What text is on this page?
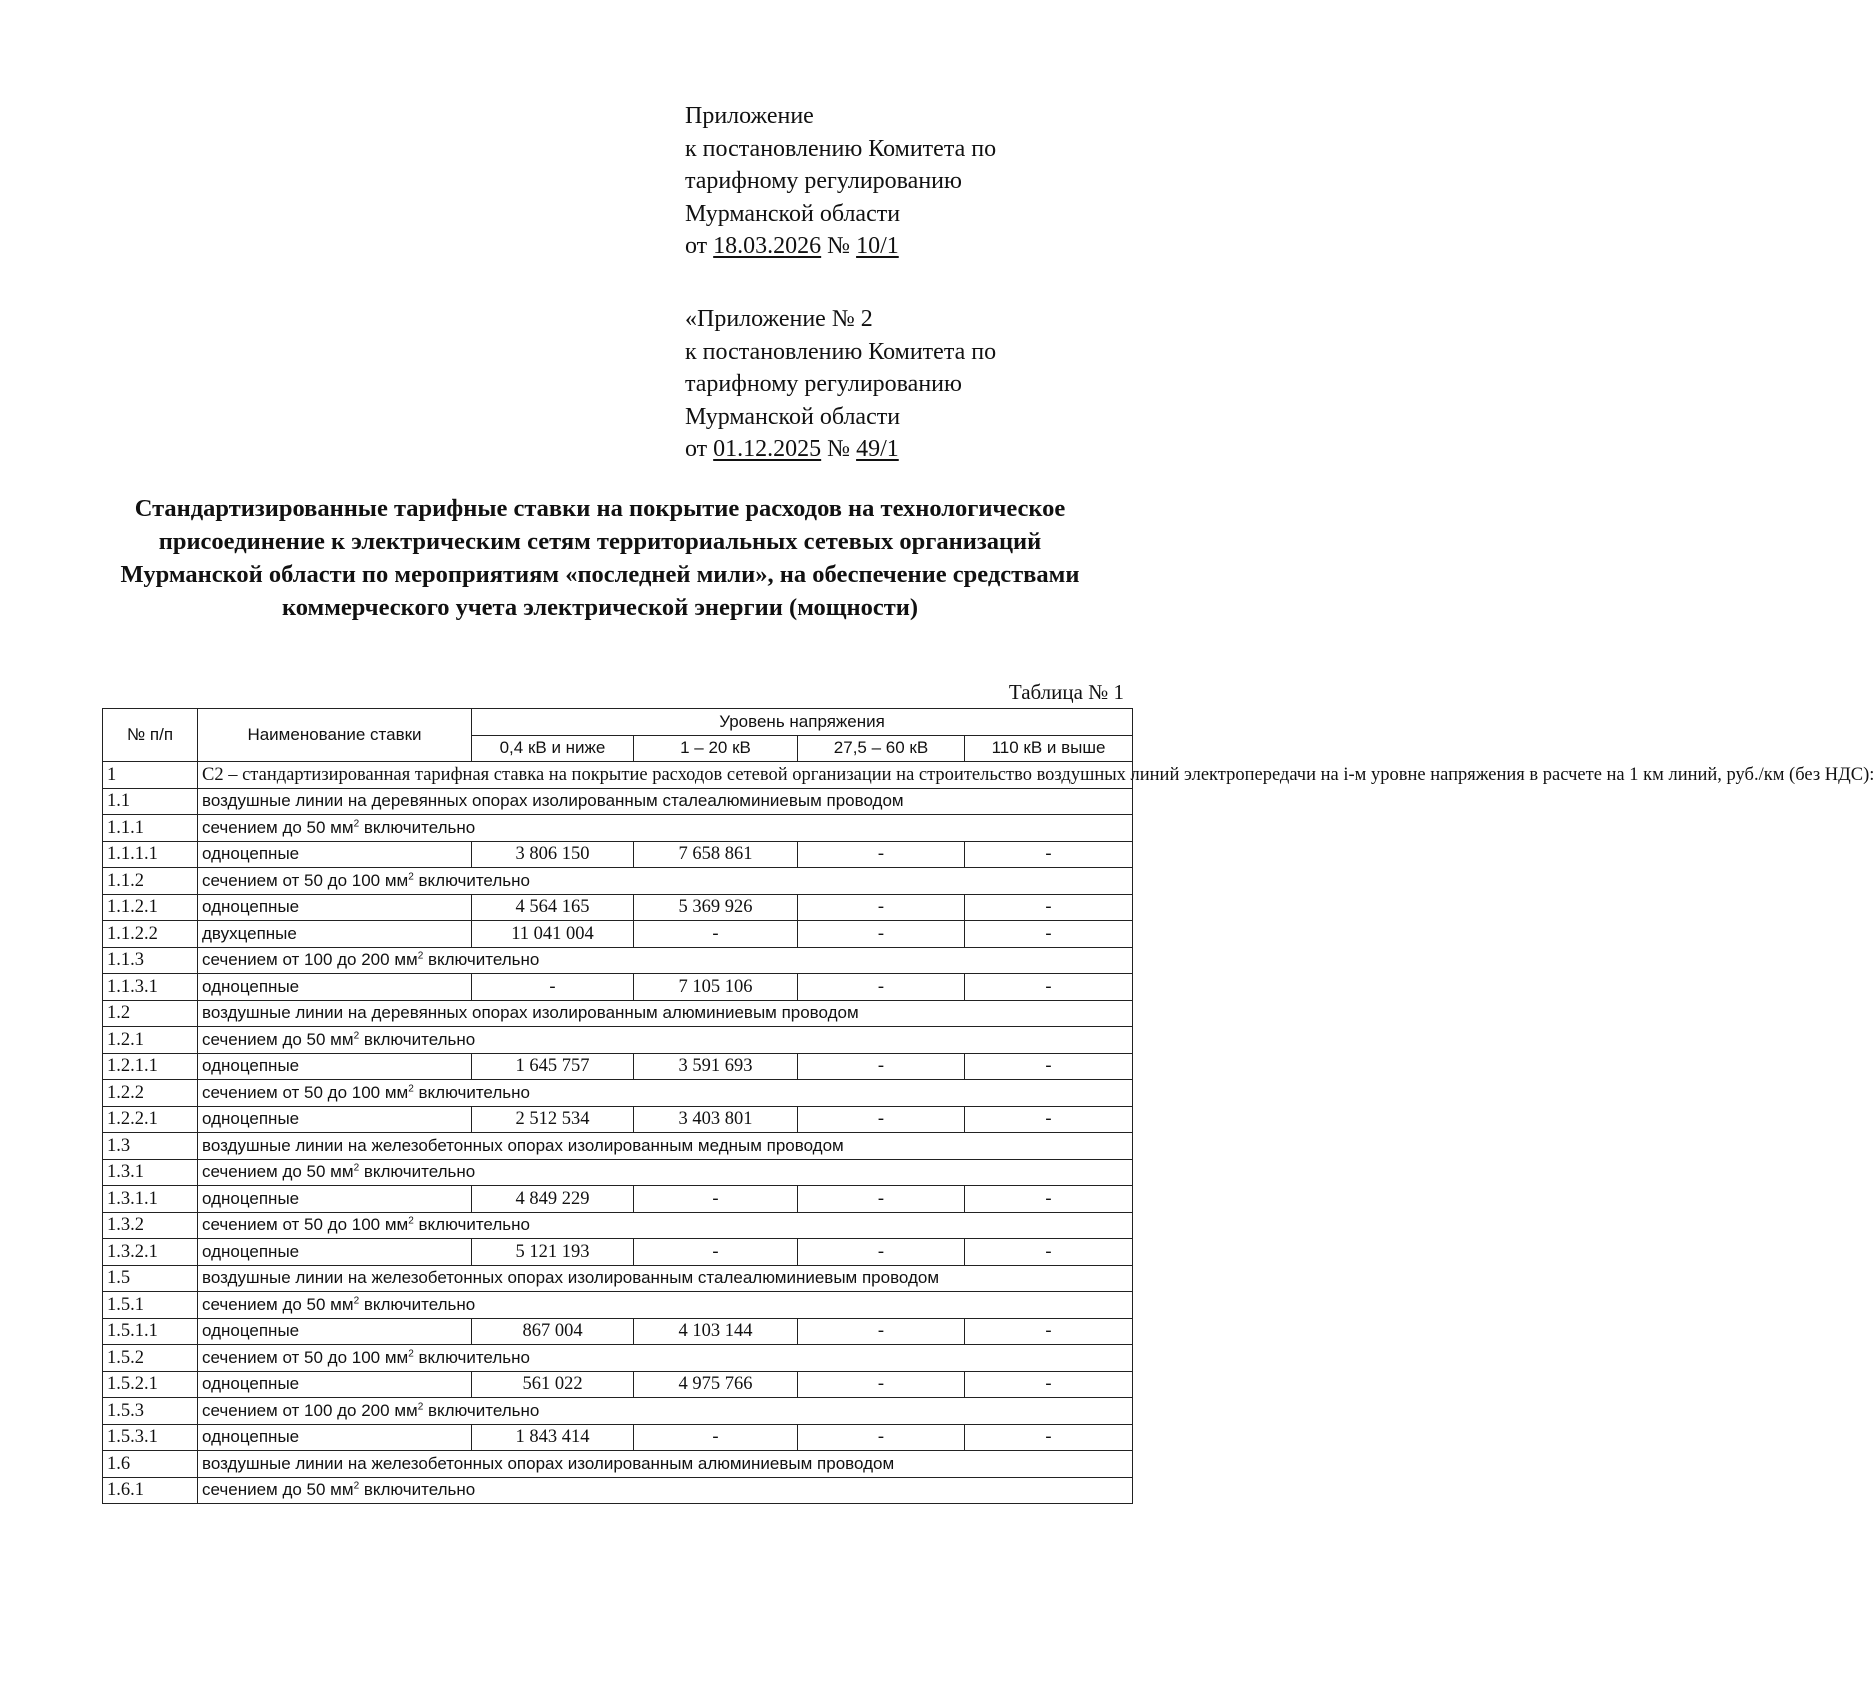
Приложение
к постановлению Комитета по
тарифному регулированию
Мурманской области
от 18.03.2026 № 10/1
«Приложение № 2
к постановлению Комитета по
тарифному регулированию
Мурманской области
от 01.12.2025 № 49/1
Стандартизированные тарифные ставки на покрытие расходов на технологическое присоединение к электрическим сетям территориальных сетевых организаций Мурманской области по мероприятиям «последней мили», на обеспечение средствами коммерческого учета электрической энергии (мощности)
Таблица № 1
№ п/п	Наименование ставки	Уровень напряжения			
		0,4 кВ и ниже	1 – 20 кВ	27,5 – 60 кВ	110 кВ и выше
1	С2 – стандартизированная тарифная ставка на покрытие расходов сетевой организации на строительство воздушных линий электропередачи на i-м уровне напряжения в расчете на 1 км линий, руб./км (без НДС):				
1.1	воздушные линии на деревянных опорах изолированным сталеалюминиевым проводом				
1.1.1	сечением до 50 $мм^2$ включительно				
1.1.1.1	одноцепные	3 806 150	7 658 861	-	-
1.1.2	сечением от 50 до 100 $мм^2$ включительно				
1.1.2.1	одноцепные	4 564 165	5 369 926	-	-
1.1.2.2	двухцепные	11 041 004	-	-	-
1.1.3	сечением от 100 до 200 $мм^2$ включительно				
1.1.3.1	одноцепные	-	7 105 106	-	-
1.2	воздушные линии на деревянных опорах изолированным алюминиевым проводом				
1.2.1	сечением до 50 $мм^2$ включительно				
1.2.1.1	одноцепные	1 645 757	3 591 693	-	-
1.2.2	сечением от 50 до 100 $мм^2$ включительно				
1.2.2.1	одноцепные	2 512 534	3 403 801	-	-
1.3	воздушные линии на железобетонных опорах изолированным медным проводом				
1.3.1	сечением до 50 $мм^2$ включительно				
1.3.1.1	одноцепные	4 849 229	-	-	-
1.3.2	сечением от 50 до 100 $мм^2$ включительно				
1.3.2.1	одноцепные	5 121 193	-	-	-
1.5	воздушные линии на железобетонных опорах изолированным сталеалюминиевым проводом				
1.5.1	сечением до 50 $мм^2$ включительно				
1.5.1.1	одноцепные	867 004	4 103 144	-	-
1.5.2	сечением от 50 до 100 $мм^2$ включительно				
1.5.2.1	одноцепные	561 022	4 975 766	-	-
1.5.3	сечением от 100 до 200 $мм^2$ включительно				
1.5.3.1	одноцепные	1 843 414	-	-	-
1.6	воздушные линии на железобетонных опорах изолированным алюминиевым проводом				
1.6.1	сечением до 50 $мм^2$ включительно				
